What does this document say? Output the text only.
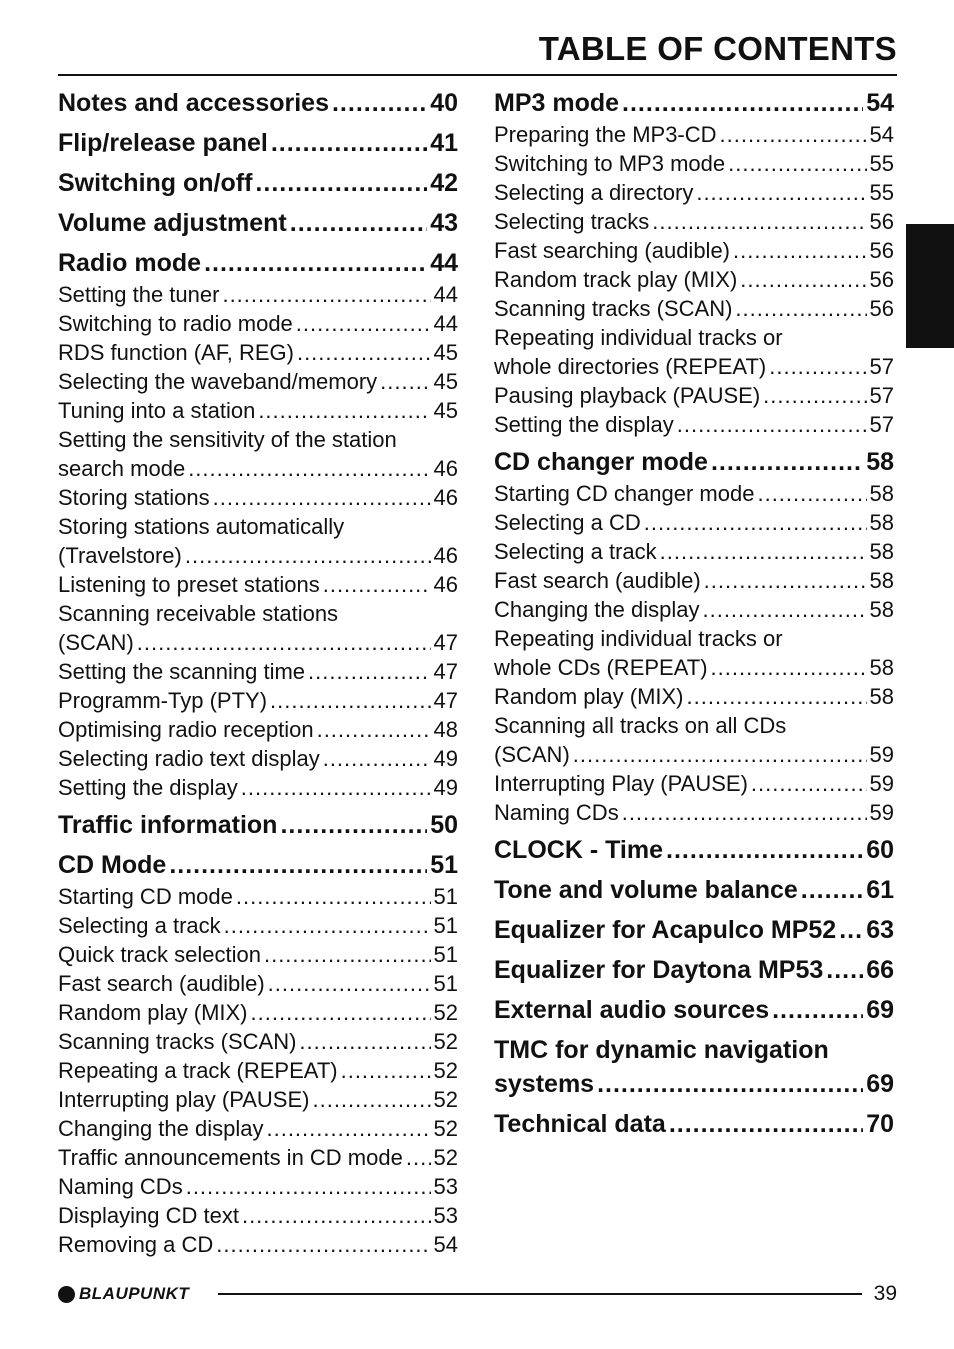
TABLE OF CONTENTS
Notes and accessories .....	40
Flip/release panel .....	41
Switching on/off .....	42
Volume adjustment .....	43
Radio mode .....	44
Setting the tuner .....	44
Switching to radio mode .....	44
RDS function (AF, REG) .....	45
Selecting the waveband/memory .....	45
Tuning into a station .....	45
Setting the sensitivity of the station
search mode .....	46
Storing stations .....	46
Storing stations automatically
(Travelstore) .....	46
Listening to preset stations .....	46
Scanning receivable stations
(SCAN) .....	47
Setting the scanning time .....	47
Programm-Typ (PTY) .....	47
Optimising radio reception .....	48
Selecting radio text display .....	49
Setting the display .....	49
Traffic information .....	50
CD Mode .....	51
Starting CD mode .....	51
Selecting a track .....	51
Quick track selection .....	51
Fast search (audible) .....	51
Random play (MIX) .....	52
Scanning tracks (SCAN) .....	52
Repeating a track (REPEAT) .....	52
Interrupting play (PAUSE) .....	52
Changing the display .....	52
Traffic announcements in CD mode ..... 52
Naming CDs .....	53
Displaying CD text .....	53
Removing a CD .....	54
MP3 mode .....	54
Preparing the MP3-CD .....	54
Switching to MP3 mode .....	55
Selecting a directory .....	55
Selecting tracks .....	56
Fast searching (audible) .....	56
Random track play (MIX) .....	56
Scanning tracks (SCAN) .....	56
Repeating individual tracks or
whole directories (REPEAT) .....	57
Pausing playback (PAUSE) .....	57
Setting the display .....	57
CD changer mode .....	58
Starting CD changer mode .....	58
Selecting a CD .....	58
Selecting a track .....	58
Fast search (audible) .....	58
Changing the display .....	58
Repeating individual tracks or
whole CDs (REPEAT) .....	58
Random play (MIX) .....	58
Scanning all tracks on all CDs
(SCAN) .....	59
Interrupting Play (PAUSE) .....	59
Naming CDs .....	59
CLOCK - Time .....	60
Tone and volume balance .....	61
Equalizer for Acapulco MP52 ..... 63
Equalizer for Daytona MP53 ..... 66
External audio sources .....	69
TMC for dynamic navigation
systems .....	69
Technical data .....	70
BLAUPUNKT	39
